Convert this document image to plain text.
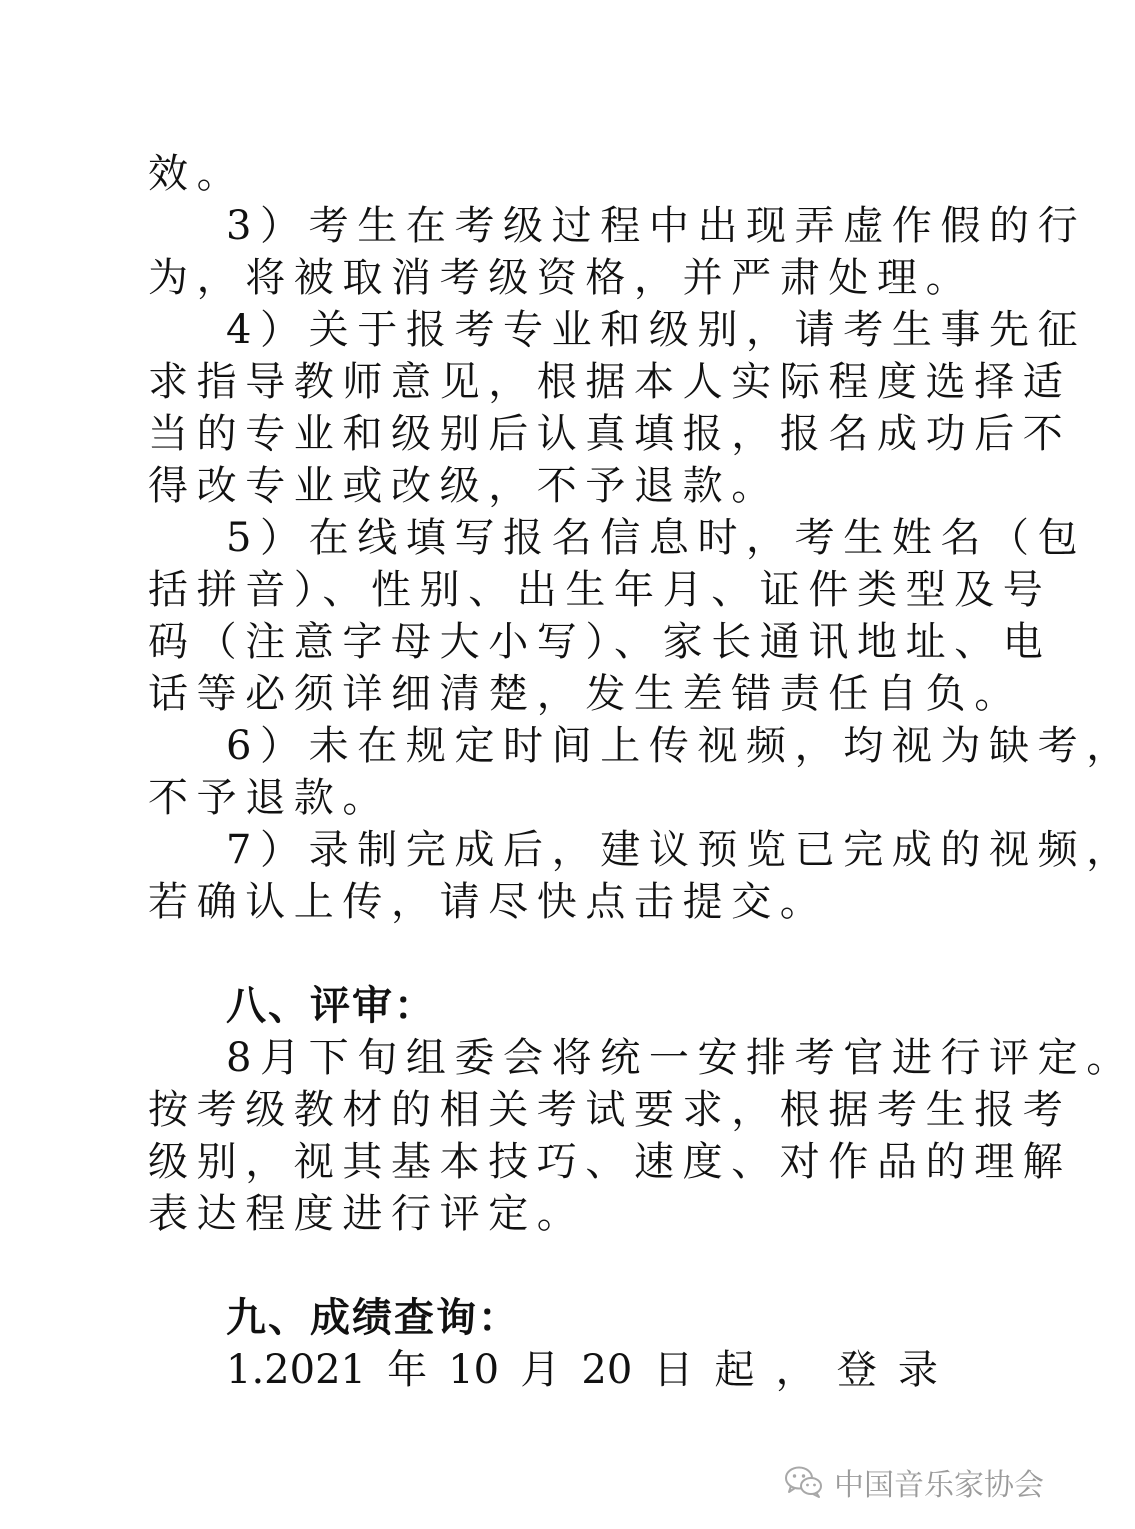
效。
3）考生在考级过程中出现弄虚作假的行
为，将被取消考级资格，并严肃处理。
4）关于报考专业和级别，请考生事先征
求指导教师意见，根据本人实际程度选择适
当的专业和级别后认真填报，报名成功后不
得改专业或改级，不予退款。
5）在线填写报名信息时，考生姓名（包
括拼音）、性别、出生年月、证件类型及号
码（注意字母大小写）、家长通讯地址、电
话等必须详细清楚，发生差错责任自负。
6）未在规定时间上传视频，均视为缺考，
不予退款。
7）录制完成后，建议预览已完成的视频，
若确认上传，请尽快点击提交。
八、评审：
8月下旬组委会将统一安排考官进行评定。
按考级教材的相关考试要求，根据考生报考
级别，视其基本技巧、速度、对作品的理解
表达程度进行评定。
九、成绩查询：
1.2021 年 10 月 20 日 起 ， 登 录
中国音乐家协会
